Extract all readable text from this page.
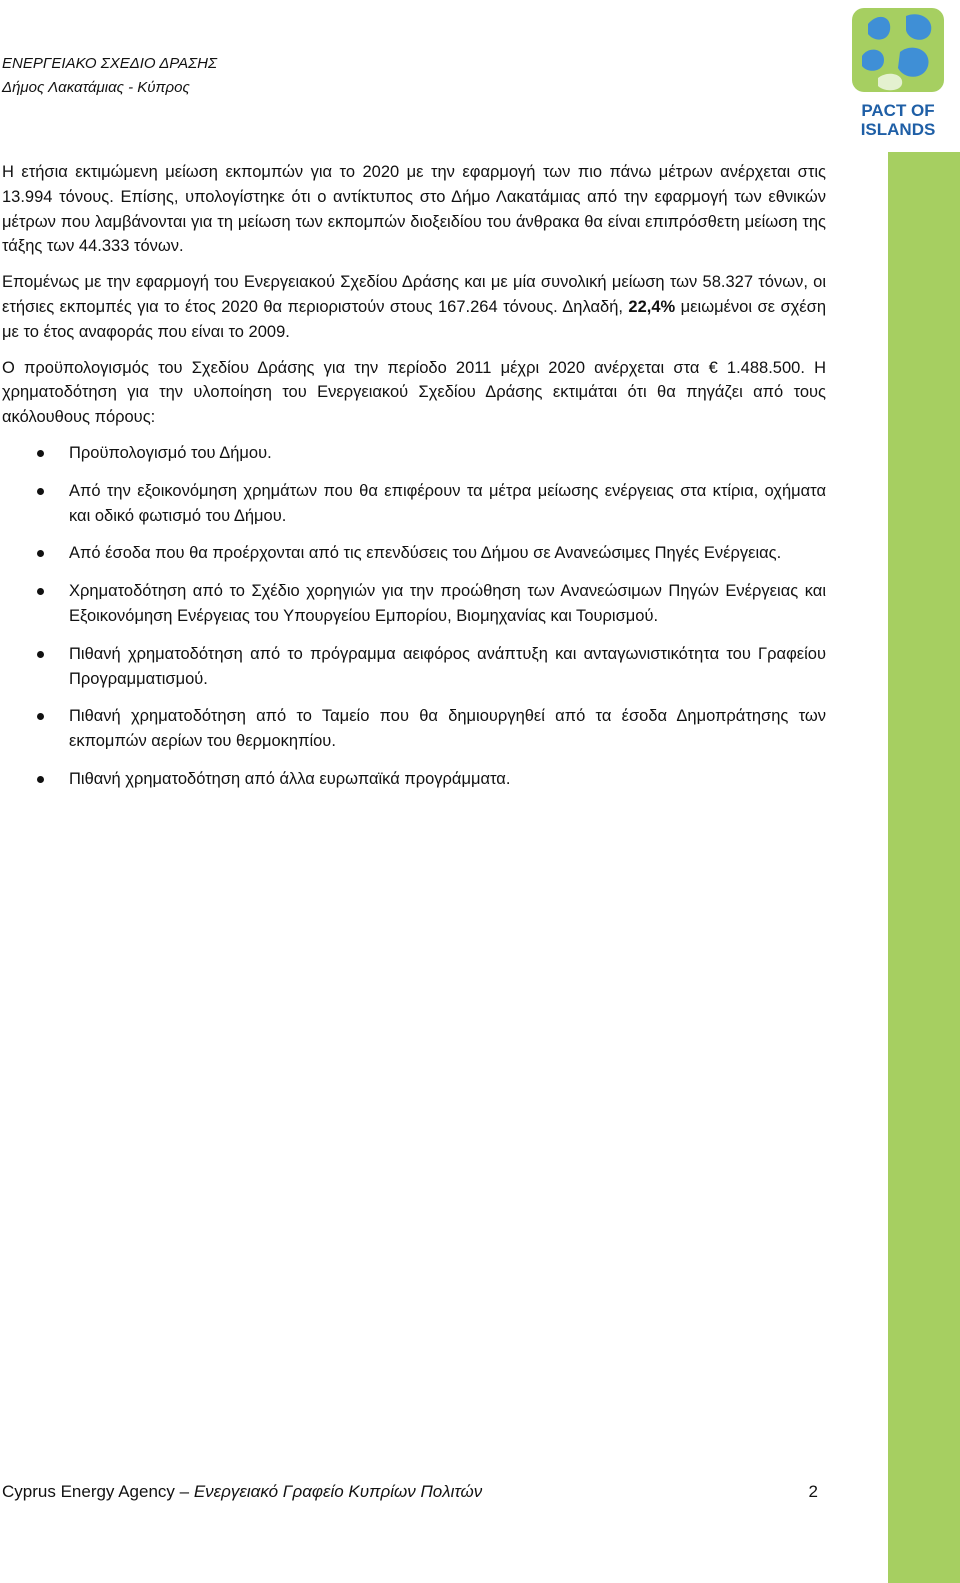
ΕΝΕΡΓΕΙΑΚΟ ΣΧΕΔΙΟ ΔΡΑΣΗΣ
Δήμος Λακατάμιας - Κύπρος
PACT OF
ISLANDS

Η ετήσια εκτιμώμενη μείωση εκπομπών για το 2020 με την εφαρμογή των πιο πάνω μέτρων ανέρχεται στις 13.994 τόνους. Επίσης, υπολογίστηκε ότι ο αντίκτυπος στο Δήμο Λακατάμιας από την εφαρμογή των εθνικών μέτρων που λαμβάνονται για τη μείωση των εκπομπών διοξειδίου του άνθρακα θα είναι επιπρόσθετη μείωση της τάξης των 44.333 τόνων.

Επομένως με την εφαρμογή του Ενεργειακού Σχεδίου Δράσης και με μία συνολική μείωση των 58.327 τόνων, οι ετήσιες εκπομπές για το έτος 2020 θα περιοριστούν στους 167.264 τόνους. Δηλαδή, 22,4% μειωμένοι σε σχέση με το έτος αναφοράς που είναι το 2009.

Ο προϋπολογισμός του Σχεδίου Δράσης για την περίοδο 2011 μέχρι 2020 ανέρχεται στα € 1.488.500. Η χρηματοδότηση για την υλοποίηση του Ενεργειακού Σχεδίου Δράσης εκτιμάται ότι θα πηγάζει από τους ακόλουθους πόρους:

Προϋπολογισμό του Δήμου.
Από την εξοικονόμηση χρημάτων που θα επιφέρουν τα μέτρα μείωσης ενέργειας στα κτίρια, οχήματα και οδικό φωτισμό του Δήμου.
Από έσοδα που θα προέρχονται από τις επενδύσεις του Δήμου σε Ανανεώσιμες Πηγές Ενέργειας.
Χρηματοδότηση από το Σχέδιο χορηγιών για την προώθηση των Ανανεώσιμων Πηγών Ενέργειας και Εξοικονόμηση Ενέργειας του Υπουργείου Εμπορίου, Βιομηχανίας και Τουρισμού.
Πιθανή χρηματοδότηση από το πρόγραμμα αειφόρος ανάπτυξη και ανταγωνιστικότητα του Γραφείου Προγραμματισμού.
Πιθανή χρηματοδότηση από το Ταμείο που θα δημιουργηθεί από τα έσοδα Δημοπράτησης των εκπομπών αερίων του θερμοκηπίου.
Πιθανή χρηματοδότηση από άλλα ευρωπαϊκά προγράμματα.
Cyprus Energy Agency – Ενεργειακό Γραφείο Κυπρίων Πολιτών	2
